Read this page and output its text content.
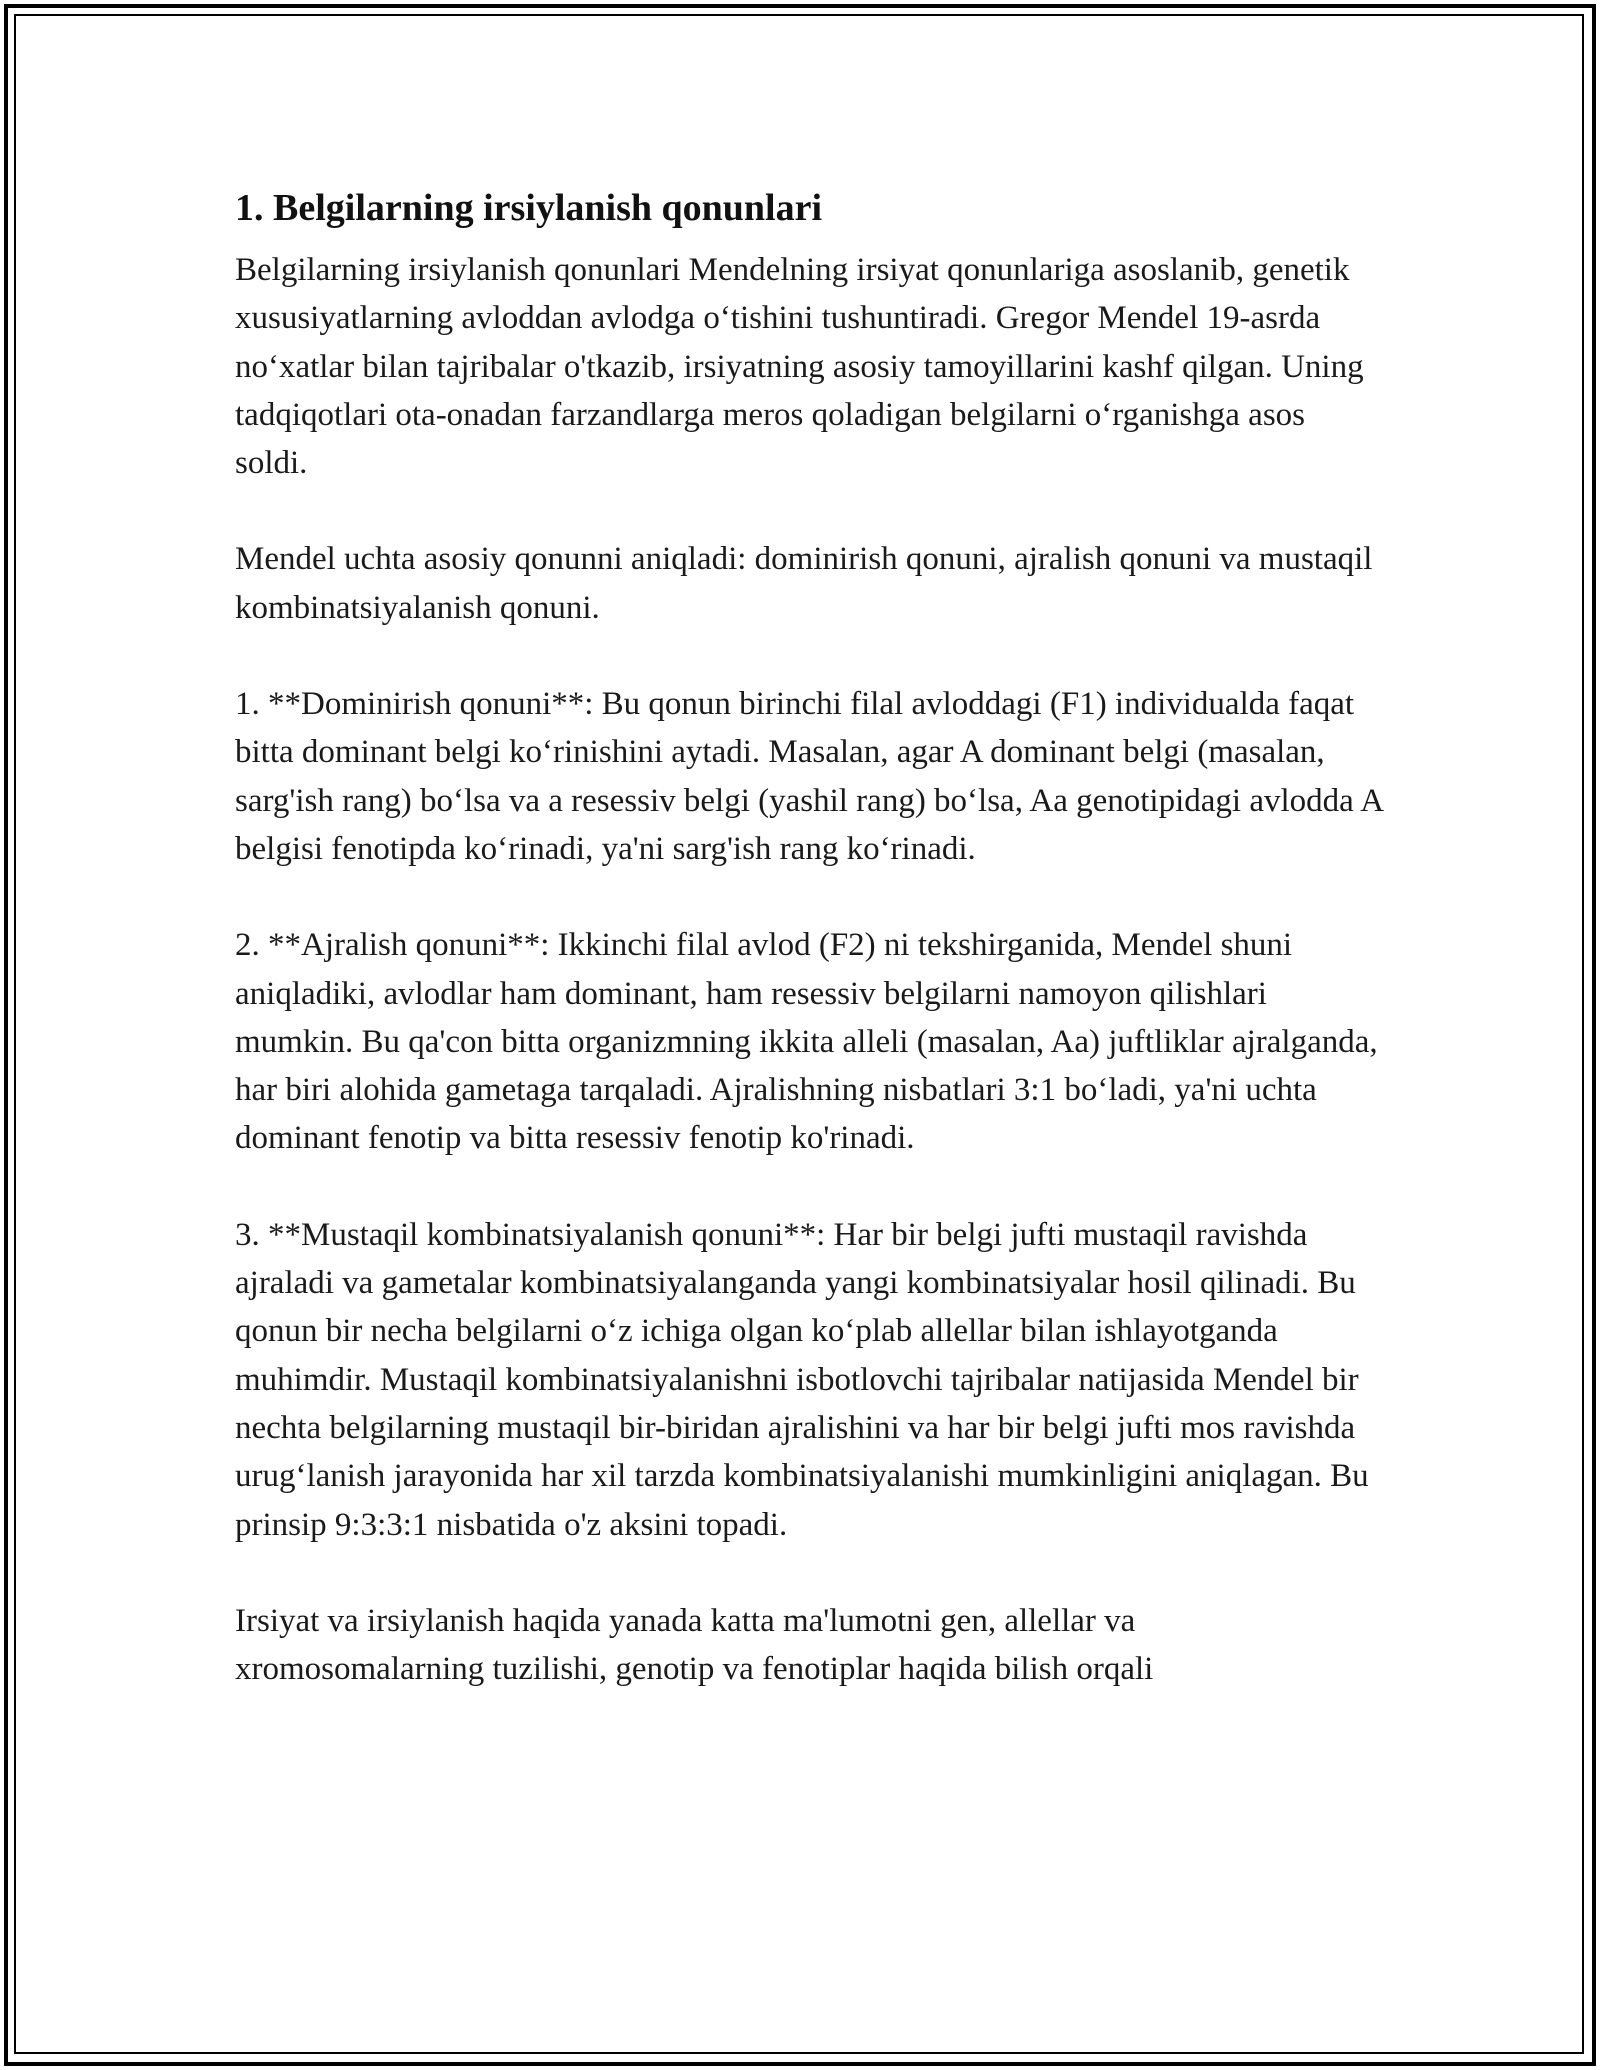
1. Belgilarning irsiylanish qonunlari

Belgilarning irsiylanish qonunlari Mendelning irsiyat qonunlariga asoslanib, genetik xususiyatlarning avloddan avlodga o‘tishini tushuntiradi. Gregor Mendel 19-asrda no‘xatlar bilan tajribalar o'tkazib, irsiyatning asosiy tamoyillarini kashf qilgan. Uning tadqiqotlari ota-onadan farzandlarga meros qoladigan belgilarni o‘rganishga asos soldi.

Mendel uchta asosiy qonunni aniqladi: dominirish qonuni, ajralish qonuni va mustaqil kombinatsiyalanish qonuni.

1. **Dominirish qonuni**: Bu qonun birinchi filal avloddagi (F1) individualda faqat bitta dominant belgi ko‘rinishini aytadi. Masalan, agar A dominant belgi (masalan, sarg'ish rang) bo‘lsa va a resessiv belgi (yashil rang) bo‘lsa, Aa genotipidagi avlodda A belgisi fenotipda ko‘rinadi, ya'ni sarg'ish rang ko‘rinadi.

2. **Ajralish qonuni**: Ikkinchi filal avlod (F2) ni tekshirganida, Mendel shuni aniqladiki, avlodlar ham dominant, ham resessiv belgilarni namoyon qilishlari mumkin. Bu qa'con bitta organizmning ikkita alleli (masalan, Aa) juftliklar ajralganda, har biri alohida gametaga tarqaladi. Ajralishning nisbatlari 3:1 bo‘ladi, ya'ni uchta dominant fenotip va bitta resessiv fenotip ko'rinadi.

3. **Mustaqil kombinatsiyalanish qonuni**: Har bir belgi jufti mustaqil ravishda ajraladi va gametalar kombinatsiyalanganda yangi kombinatsiyalar hosil qilinadi. Bu qonun bir necha belgilarni o‘z ichiga olgan ko‘plab allellar bilan ishlayotganda muhimdir. Mustaqil kombinatsiyalanishni isbotlovchi tajribalar natijasida Mendel bir nechta belgilarning mustaqil bir-biridan ajralishini va har bir belgi jufti mos ravishda urug‘lanish jarayonida har xil tarzda kombinatsiyalanishi mumkinligini aniqlagan. Bu prinsip 9:3:3:1 nisbatida o'z aksini topadi.

Irsiyat va irsiylanish haqida yanada katta ma'lumotni gen, allellar va xromosomalarning tuzilishi, genotip va fenotiplar haqida bilish orqali
